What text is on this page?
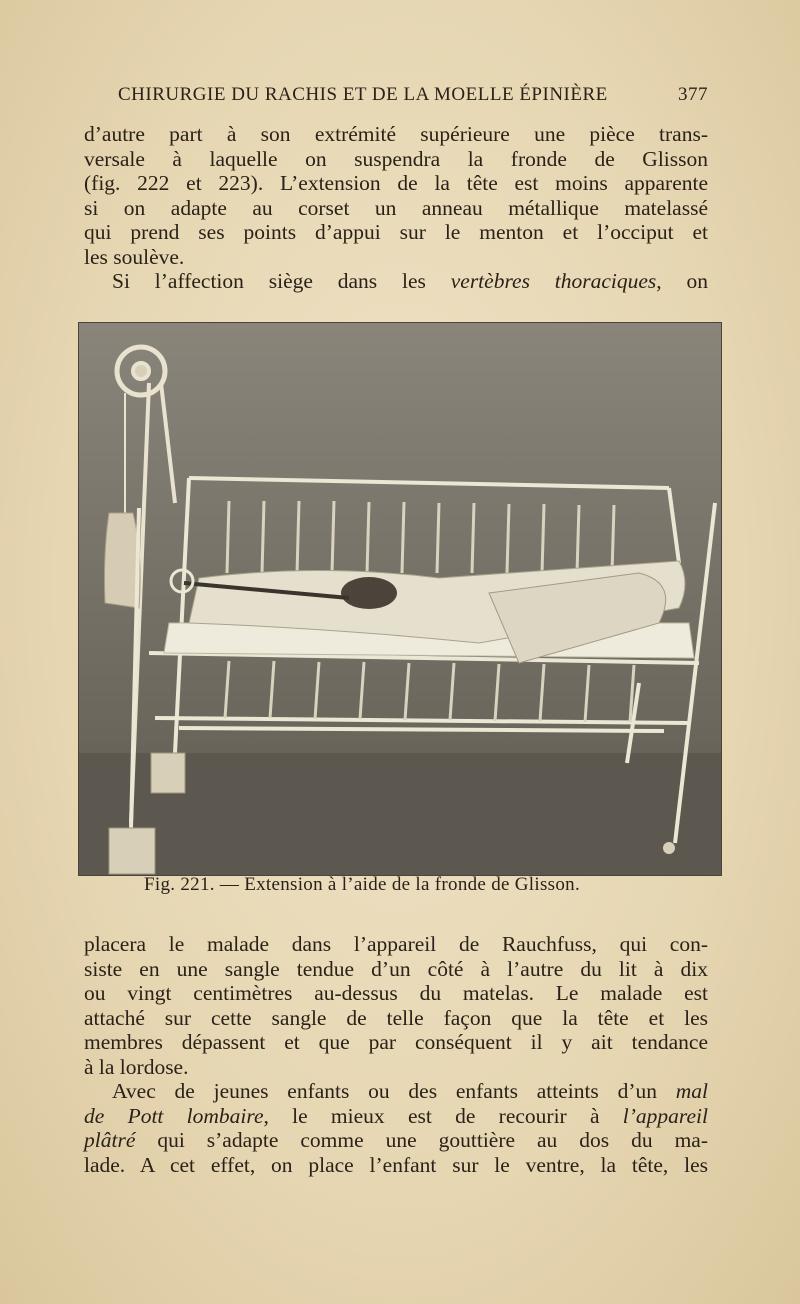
CHIRURGIE DU RACHIS ET DE LA MOELLE ÉPINIÈRE	377
d’autre part à son extrémité supérieure une pièce trans-
versale à laquelle on suspendra la fronde de Glisson
(fig. 222 et 223). L’extension de la tête est moins apparente
si on adapte au corset un anneau métallique matelassé
qui prend ses points d’appui sur le menton et l’occiput et
les soulève.
Si l’affection siège dans les vertèbres thoraciques, on
Fig. 221. — Extension à l’aide de la fronde de Glisson.
placera le malade dans l’appareil de Rauchfuss, qui con-
siste en une sangle tendue d’un côté à l’autre du lit à dix
ou vingt centimètres au-dessus du matelas. Le malade est
attaché sur cette sangle de telle façon que la tête et les
membres dépassent et que par conséquent il y ait tendance
à la lordose.
Avec de jeunes enfants ou des enfants atteints d’un mal
de Pott lombaire, le mieux est de recourir à l’appareil
plâtré qui s’adapte comme une gouttière au dos du ma-
lade. A cet effet, on place l’enfant sur le ventre, la tête, les
